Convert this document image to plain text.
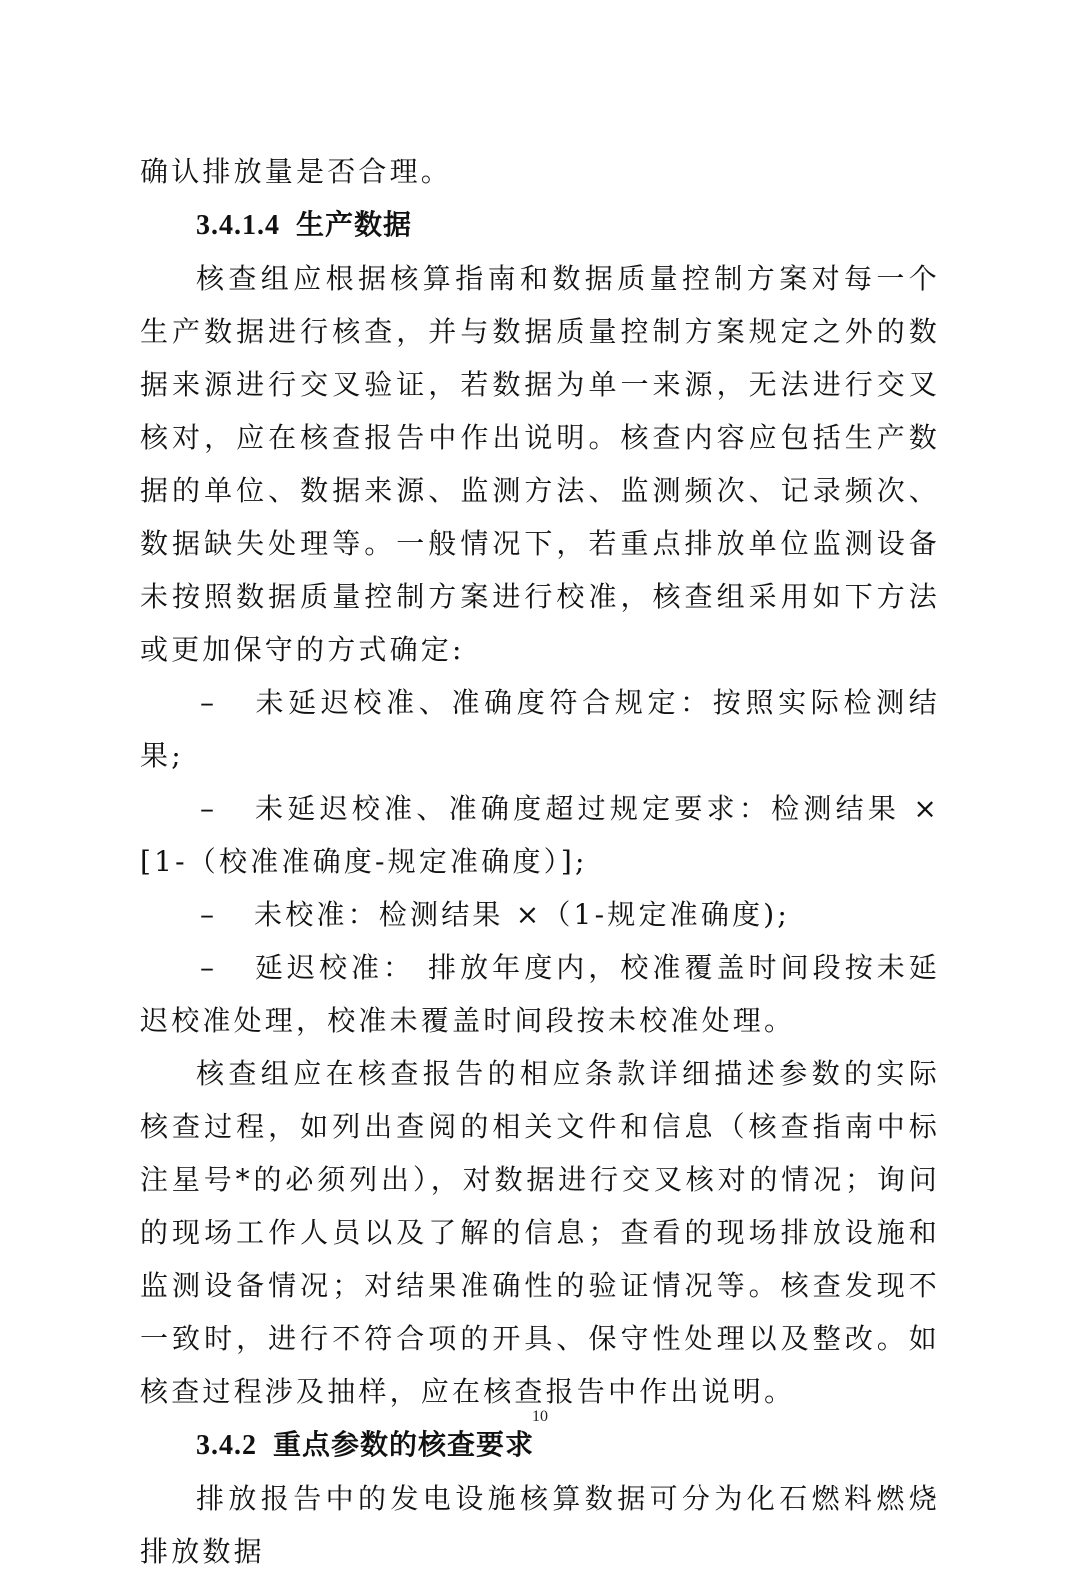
确认排放量是否合理。

3.4.1.4 生产数据

核查组应根据核算指南和数据质量控制方案对每一个生产数据进行核查，并与数据质量控制方案规定之外的数据来源进行交叉验证，若数据为单一来源，无法进行交叉核对，应在核查报告中作出说明。核查内容应包括生产数据的单位、数据来源、监测方法、监测频次、记录频次、数据缺失处理等。一般情况下，若重点排放单位监测设备未按照数据质量控制方案进行校准，核查组采用如下方法或更加保守的方式确定:

– 未延迟校准、准确度符合规定：按照实际检测结果;

– 未延迟校准、准确度超过规定要求：检测结果 × [1-（校准准确度-规定准确度）];

– 未校准：检测结果 ×（1-规定准确度);

– 延迟校准： 排放年度内，校准覆盖时间段按未延迟校准处理，校准未覆盖时间段按未校准处理。

核查组应在核查报告的相应条款详细描述参数的实际核查过程，如列出查阅的相关文件和信息（核查指南中标注星号*的必须列出），对数据进行交叉核对的情况；询问的现场工作人员以及了解的信息；查看的现场排放设施和监测设备情况；对结果准确性的验证情况等。核查发现不一致时，进行不符合项的开具、保守性处理以及整改。如核查过程涉及抽样，应在核查报告中作出说明。

3.4.2 重点参数的核查要求

排放报告中的发电设施核算数据可分为化石燃料燃烧排放数据

10
